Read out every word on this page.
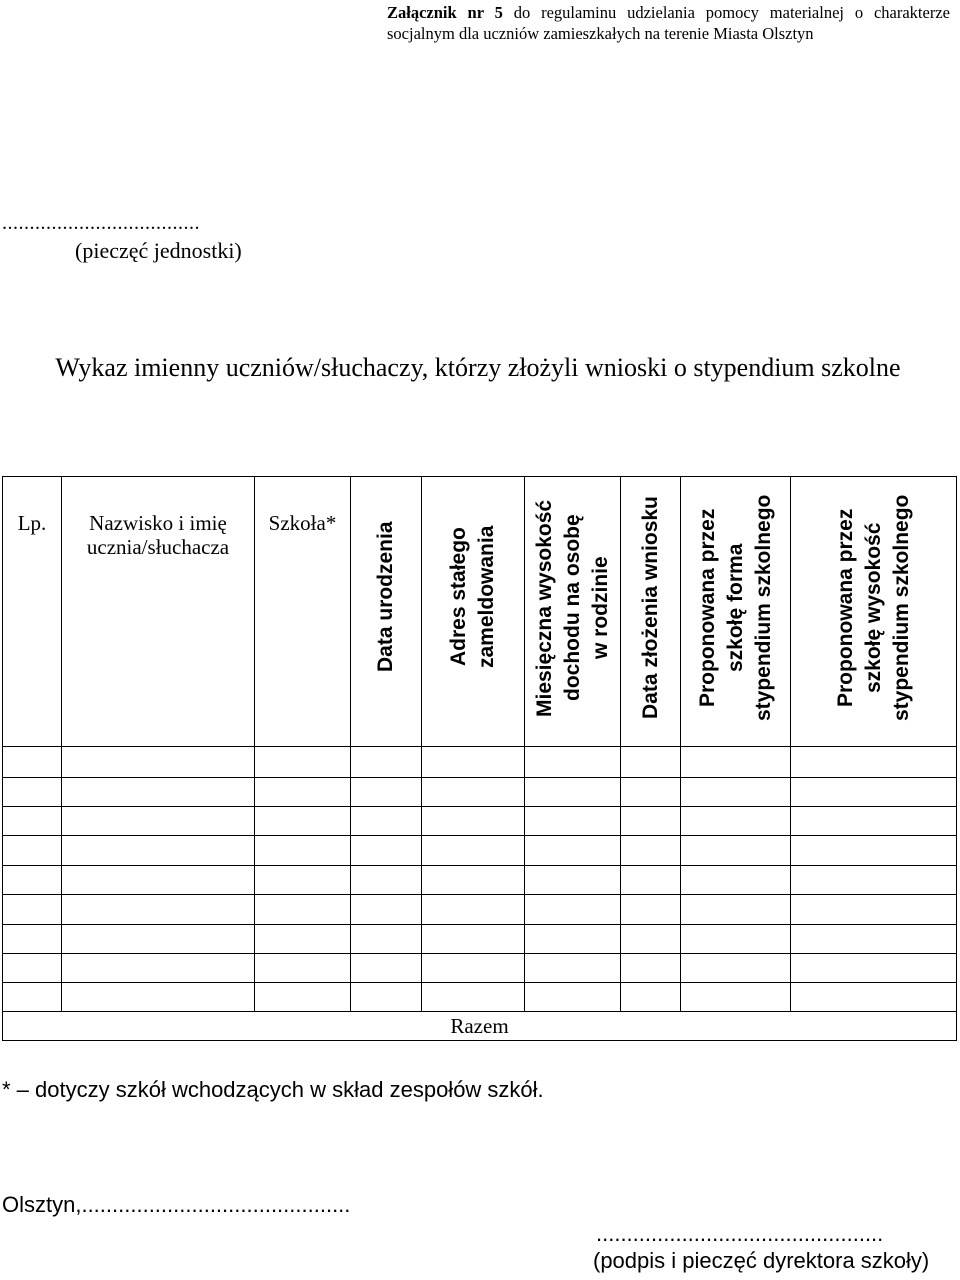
Załącznik nr 5 do regulaminu udzielania pomocy materialnej o charakterze socjalnym dla uczniów zamieszkałych na terenie Miasta Olsztyn
....................................
(pieczęć jednostki)
Wykaz imienny uczniów/słuchaczy, którzy złożyli wnioski o stypendium szkolne
Lp.	Nazwisko i imię ucznia/słuchacza	Szkoła*	Data urodzenia	Adres stałego zameldowania	Miesięczna wysokość dochodu na osobę w rodzinie	Data złożenia wniosku	Proponowana przez szkołę forma stypendium szkolnego	Proponowana przez szkołę wysokość stypendium szkolnego

Razem								
* – dotyczy szkół wchodzących w skład zespołów szkół.
Olsztyn,............................................
...............................................
(podpis i pieczęć dyrektora szkoły)
